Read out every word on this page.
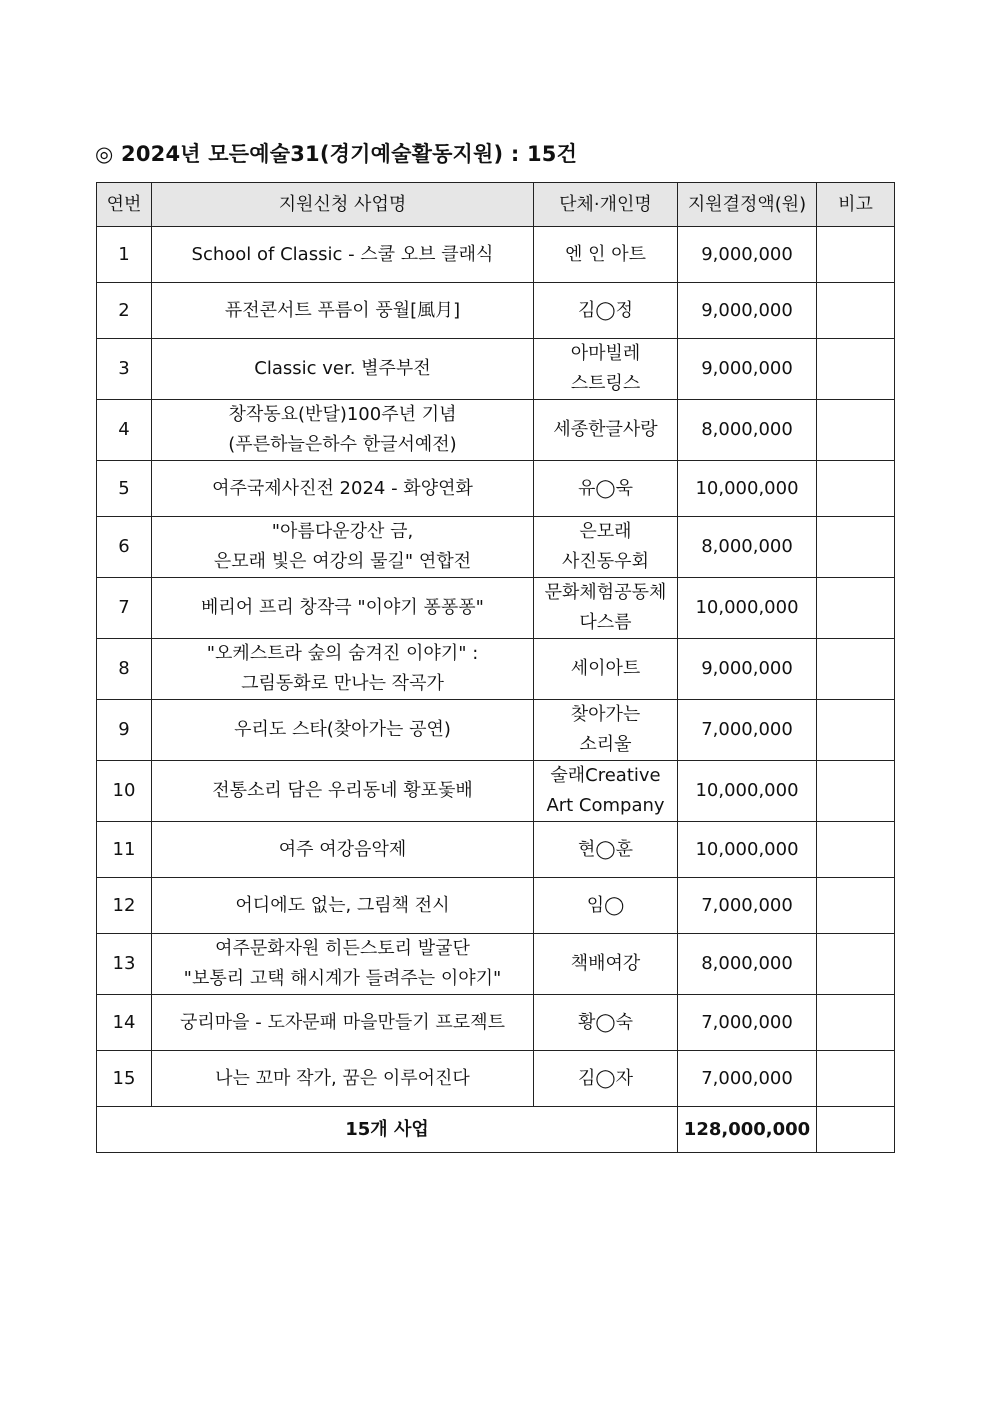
◎ 2024년 모든예술31(경기예술활동지원) : 15건
연번	지원신청 사업명	단체·개인명	지원결정액(원)	비고
1	School of Classic - 스쿨 오브 클래식	엔 인 아트	9,000,000	
2	퓨전콘서트 푸름이 풍월[風月]	김◯정	9,000,000	
3	Classic ver. 별주부전	아마빌레
스트링스	9,000,000	
4	창작동요(반달)100주년 기념
(푸른하늘은하수 한글서예전)	세종한글사랑	8,000,000	
5	여주국제사진전 2024 - 화양연화	유◯욱	10,000,000	
6	"아름다운강산 금,
은모래 빛은 여강의 물길" 연합전	은모래
사진동우회	8,000,000	
7	베리어 프리 창작극 "이야기 퐁퐁퐁"	문화체험공동체
다스름	10,000,000	
8	"오케스트라 숲의 숨겨진 이야기" :
그림동화로 만나는 작곡가	세이아트	9,000,000	
9	우리도 스타(찾아가는 공연)	찾아가는
소리울	7,000,000	
10	전통소리 담은 우리동네 황포돛배	술래Creative
Art Company	10,000,000	
11	여주 여강음악제	현◯훈	10,000,000	
12	어디에도 없는, 그림책 전시	임◯	7,000,000	
13	여주문화자원 히든스토리 발굴단
"보통리 고택 해시계가 들려주는 이야기"	책배여강	8,000,000	
14	궁리마을 - 도자문패 마을만들기 프로젝트	황◯숙	7,000,000	
15	나는 꼬마 작가, 꿈은 이루어진다	김◯자	7,000,000	
15개 사업			128,000,000	
